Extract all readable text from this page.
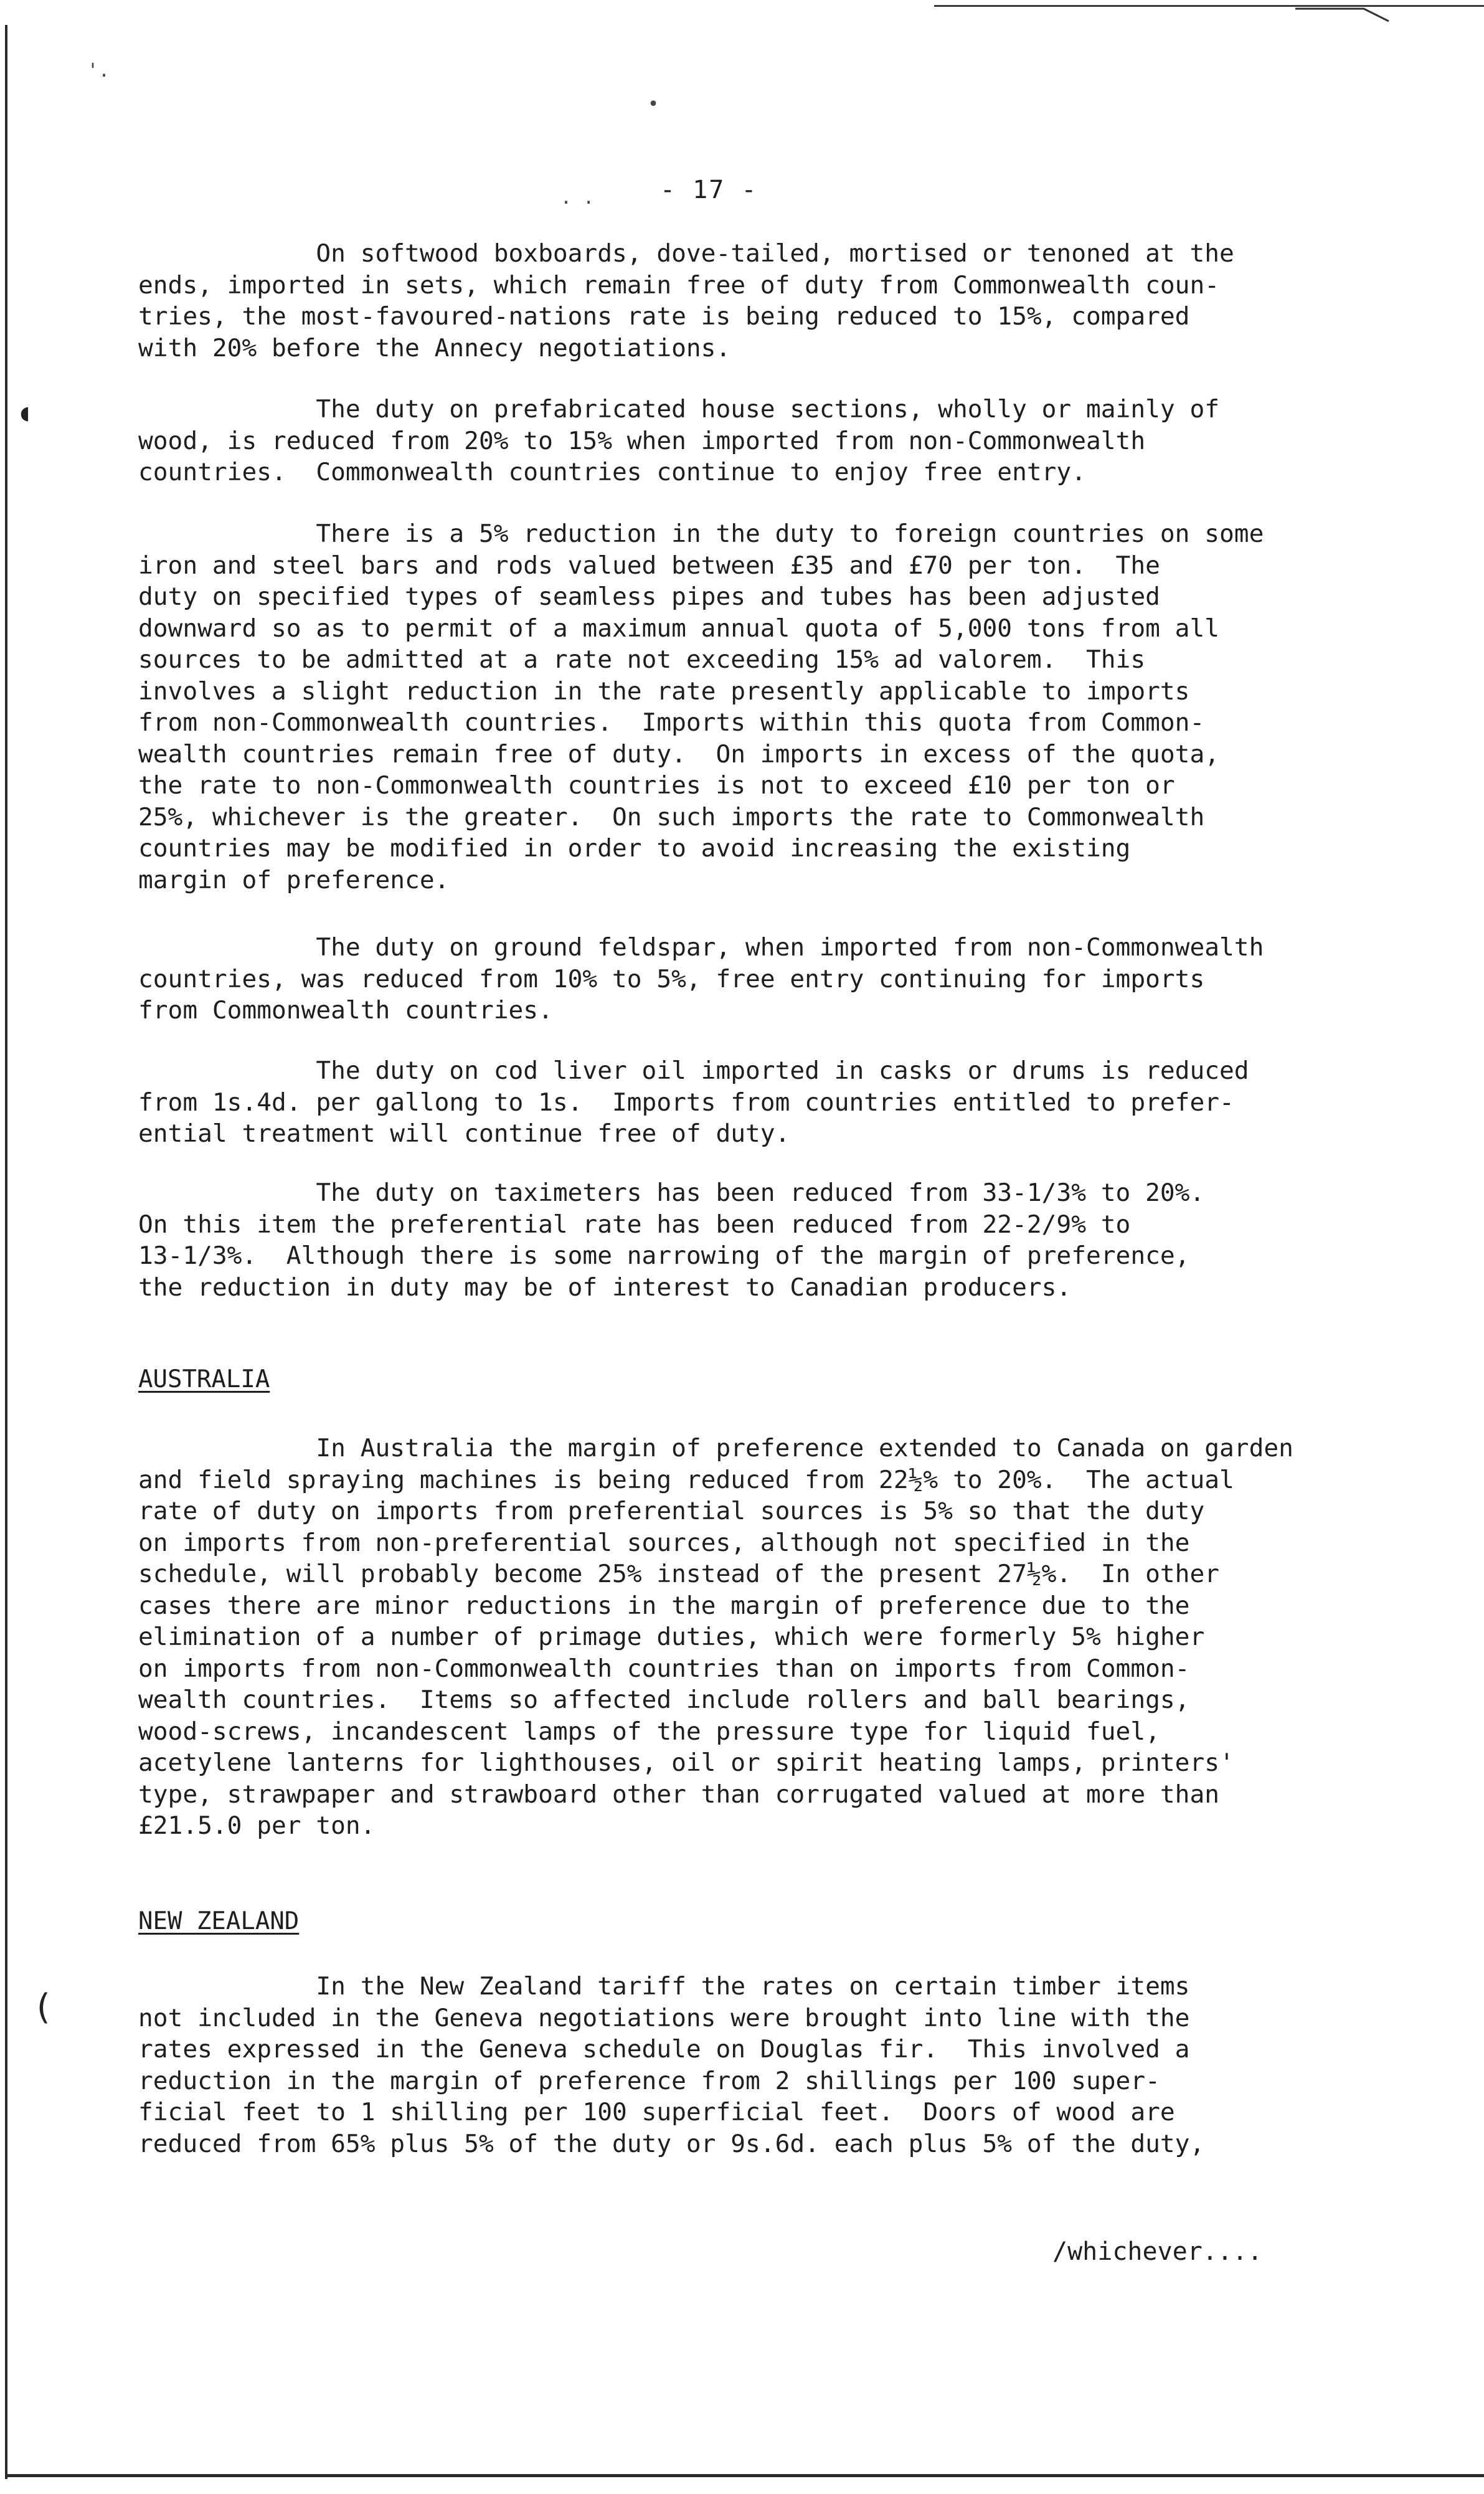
'.
•
. .
◖
(
- 17 -
On softwood boxboards, dove-tailed, mortised or tenoned at the
ends, imported in sets, which remain free of duty from Commonwealth coun-
tries, the most-favoured-nations rate is being reduced to 15%, compared
with 20% before the Annecy negotiations.
The duty on prefabricated house sections, wholly or mainly of
wood, is reduced from 20% to 15% when imported from non-Commonwealth
countries.  Commonwealth countries continue to enjoy free entry.
There is a 5% reduction in the duty to foreign countries on some
iron and steel bars and rods valued between £35 and £70 per ton.  The
duty on specified types of seamless pipes and tubes has been adjusted
downward so as to permit of a maximum annual quota of 5,000 tons from all
sources to be admitted at a rate not exceeding 15% ad valorem.  This
involves a slight reduction in the rate presently applicable to imports
from non-Commonwealth countries.  Imports within this quota from Common-
wealth countries remain free of duty.  On imports in excess of the quota,
the rate to non-Commonwealth countries is not to exceed £10 per ton or
25%, whichever is the greater.  On such imports the rate to Commonwealth
countries may be modified in order to avoid increasing the existing
margin of preference.
The duty on ground feldspar, when imported from non-Commonwealth
countries, was reduced from 10% to 5%, free entry continuing for imports
from Commonwealth countries.
The duty on cod liver oil imported in casks or drums is reduced
from 1s.4d. per gallong to 1s.  Imports from countries entitled to prefer-
ential treatment will continue free of duty.
The duty on taximeters has been reduced from 33-1/3% to 20%.
On this item the preferential rate has been reduced from 22-2/9% to
13-1/3%.  Although there is some narrowing of the margin of preference,
the reduction in duty may be of interest to Canadian producers.
AUSTRALIA
In Australia the margin of preference extended to Canada on garden
and field spraying machines is being reduced from 22½% to 20%.  The actual
rate of duty on imports from preferential sources is 5% so that the duty
on imports from non-preferential sources, although not specified in the
schedule, will probably become 25% instead of the present 27½%.  In other
cases there are minor reductions in the margin of preference due to the
elimination of a number of primage duties, which were formerly 5% higher
on imports from non-Commonwealth countries than on imports from Common-
wealth countries.  Items so affected include rollers and ball bearings,
wood-screws, incandescent lamps of the pressure type for liquid fuel,
acetylene lanterns for lighthouses, oil or spirit heating lamps, printers'
type, strawpaper and strawboard other than corrugated valued at more than
£21.5.0 per ton.
NEW ZEALAND
In the New Zealand tariff the rates on certain timber items
not included in the Geneva negotiations were brought into line with the
rates expressed in the Geneva schedule on Douglas fir.  This involved a
reduction in the margin of preference from 2 shillings per 100 super-
ficial feet to 1 shilling per 100 superficial feet.  Doors of wood are
reduced from 65% plus 5% of the duty or 9s.6d. each plus 5% of the duty,
/whichever....
